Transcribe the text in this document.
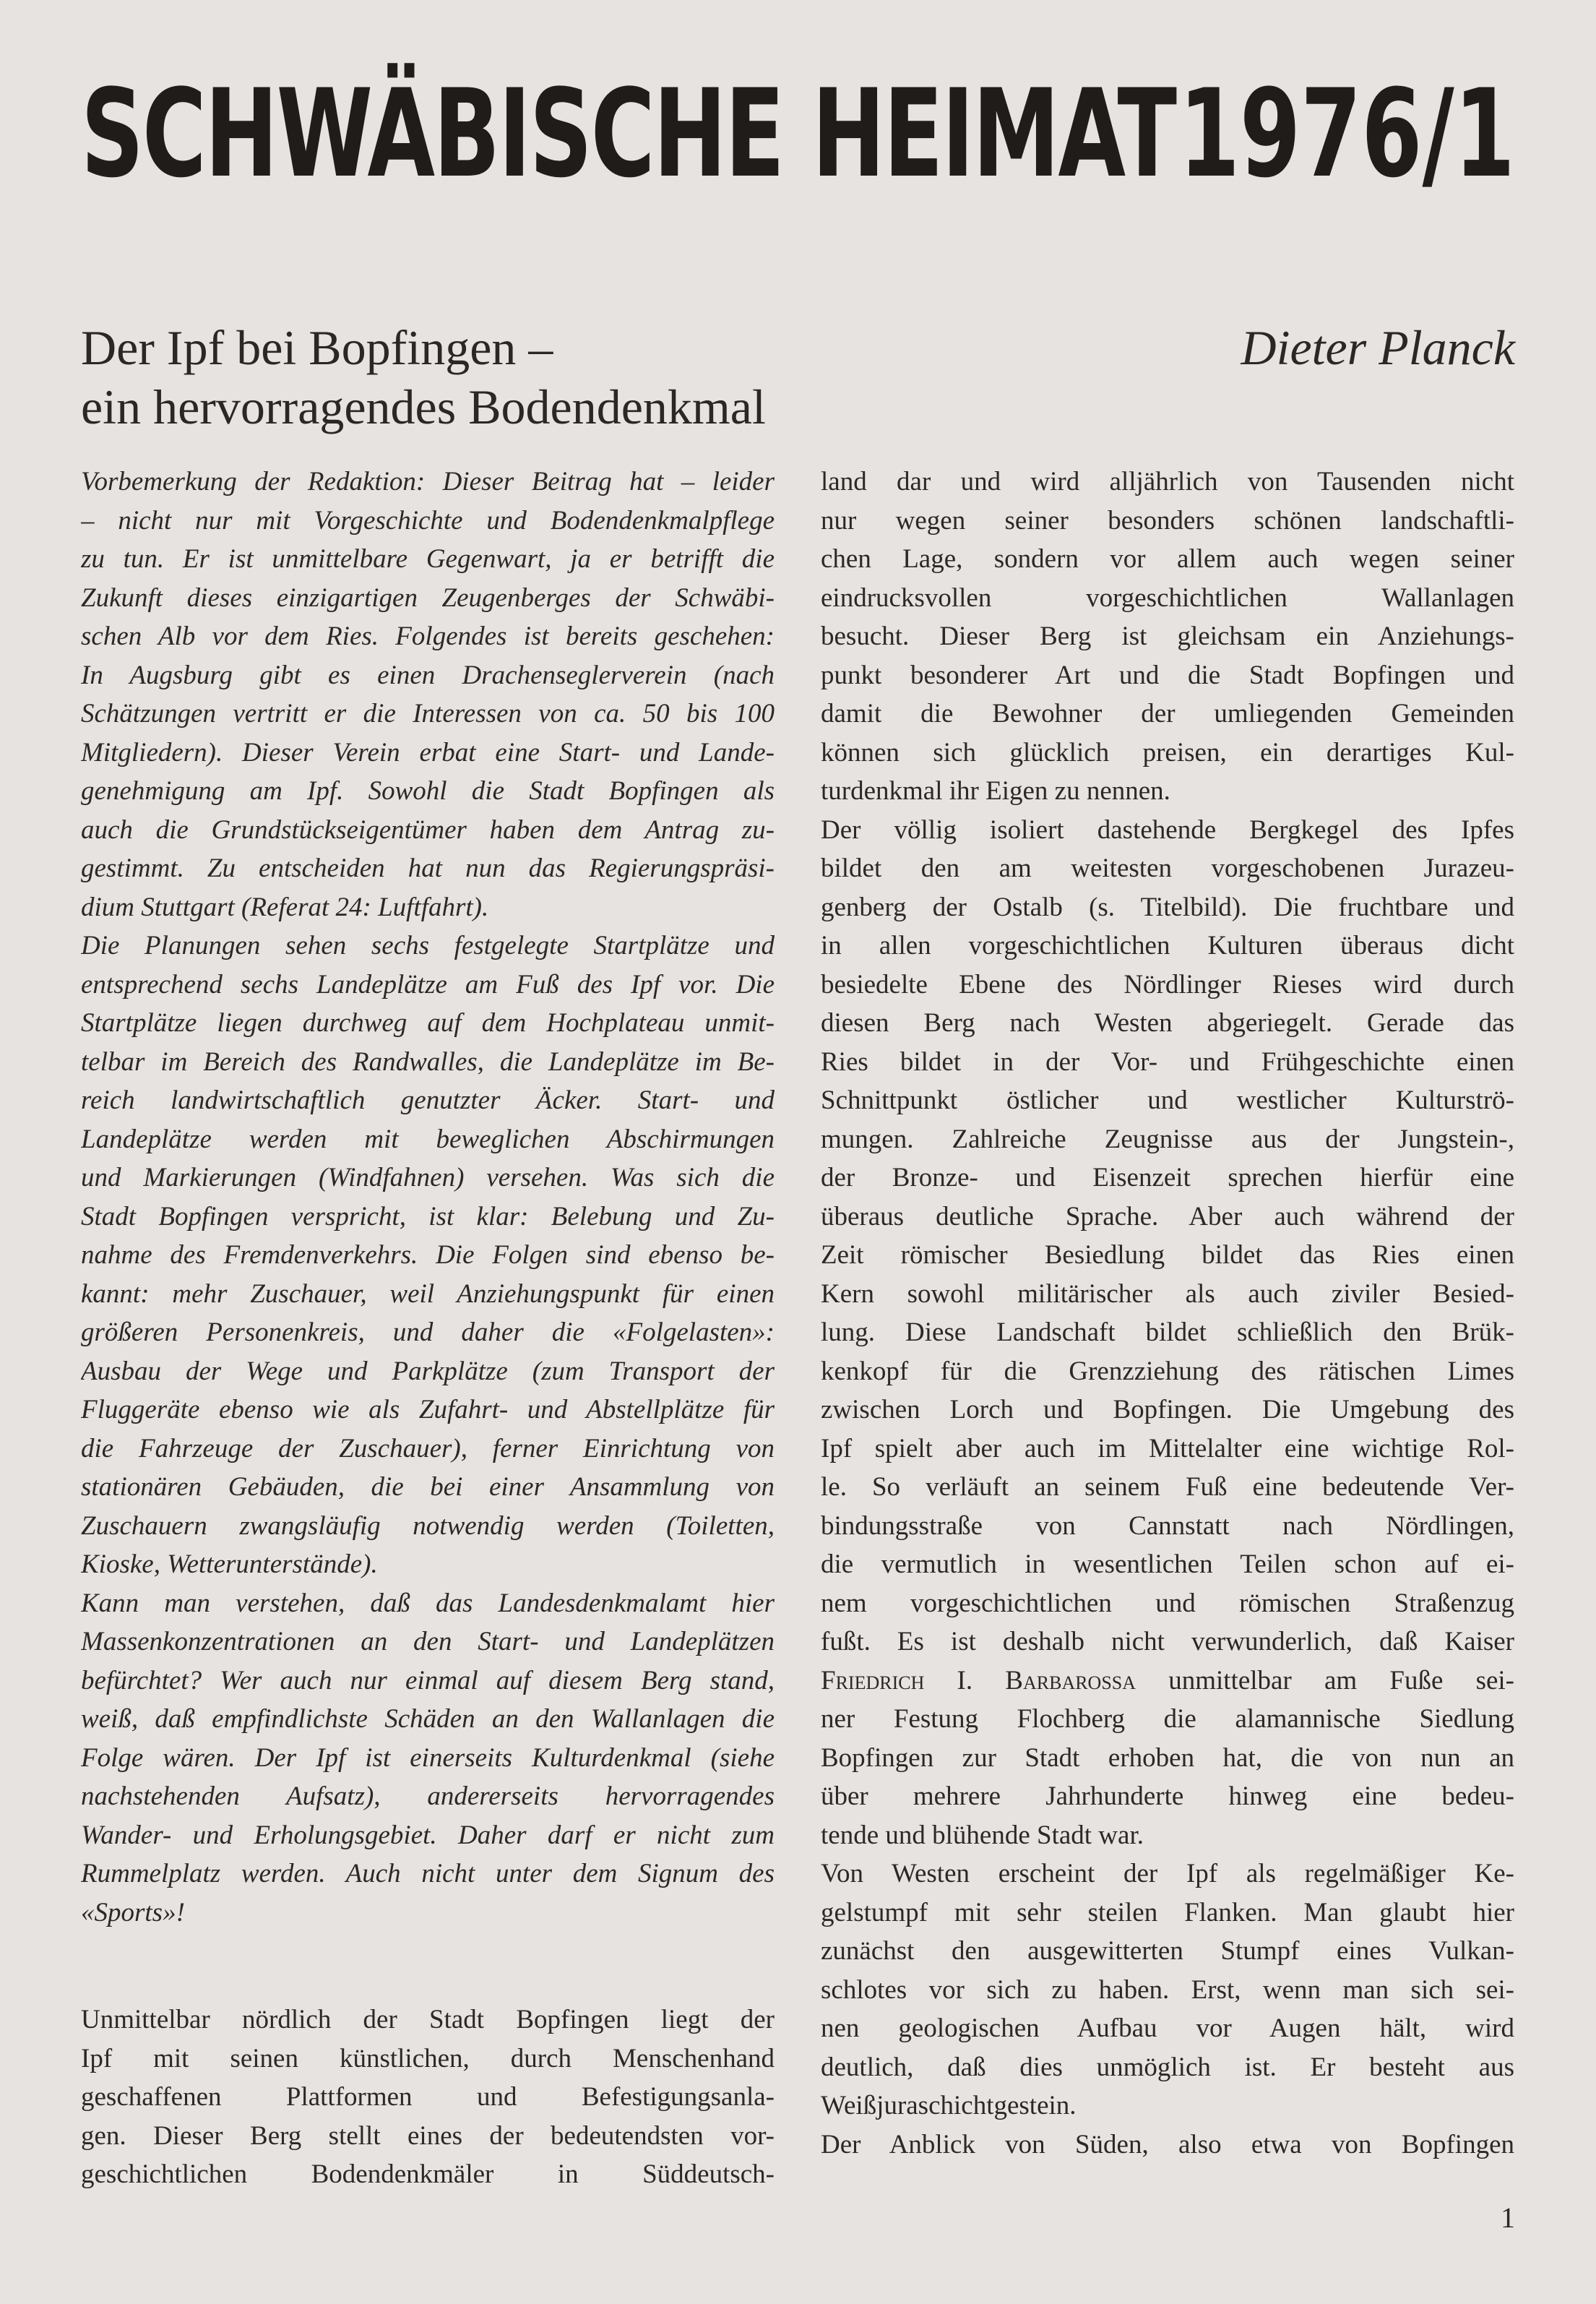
SCHWÄBISCHE HEIMAT 1976/1
Der Ipf bei Bopfingen –
ein hervorragendes Bodendenkmal
Dieter Planck
Vorbemerkung der Redaktion: Dieser Beitrag hat – leider
– nicht nur mit Vorgeschichte und Bodendenkmalpflege
zu tun. Er ist unmittelbare Gegenwart, ja er betrifft die
Zukunft dieses einzigartigen Zeugenberges der Schwäbi-
schen Alb vor dem Ries. Folgendes ist bereits geschehen:
In Augsburg gibt es einen Drachenseglerverein (nach
Schätzungen vertritt er die Interessen von ca. 50 bis 100
Mitgliedern). Dieser Verein erbat eine Start- und Lande-
genehmigung am Ipf. Sowohl die Stadt Bopfingen als
auch die Grundstückseigentümer haben dem Antrag zu-
gestimmt. Zu entscheiden hat nun das Regierungspräsi-
dium Stuttgart (Referat 24: Luftfahrt).
Die Planungen sehen sechs festgelegte Startplätze und
entsprechend sechs Landeplätze am Fuß des Ipf vor. Die
Startplätze liegen durchweg auf dem Hochplateau unmit-
telbar im Bereich des Randwalles, die Landeplätze im Be-
reich landwirtschaftlich genutzter Äcker. Start- und
Landeplätze werden mit beweglichen Abschirmungen
und Markierungen (Windfahnen) versehen. Was sich die
Stadt Bopfingen verspricht, ist klar: Belebung und Zu-
nahme des Fremdenverkehrs. Die Folgen sind ebenso be-
kannt: mehr Zuschauer, weil Anziehungspunkt für einen
größeren Personenkreis, und daher die «Folgelasten»:
Ausbau der Wege und Parkplätze (zum Transport der
Fluggeräte ebenso wie als Zufahrt- und Abstellplätze für
die Fahrzeuge der Zuschauer), ferner Einrichtung von
stationären Gebäuden, die bei einer Ansammlung von
Zuschauern zwangsläufig notwendig werden (Toiletten,
Kioske, Wetterunterstände).
Kann man verstehen, daß das Landesdenkmalamt hier
Massenkonzentrationen an den Start- und Landeplätzen
befürchtet? Wer auch nur einmal auf diesem Berg stand,
weiß, daß empfindlichste Schäden an den Wallanlagen die
Folge wären. Der Ipf ist einerseits Kulturdenkmal (siehe
nachstehenden Aufsatz), andererseits hervorragendes
Wander- und Erholungsgebiet. Daher darf er nicht zum
Rummelplatz werden. Auch nicht unter dem Signum des
«Sports»!
Unmittelbar nördlich der Stadt Bopfingen liegt der
Ipf mit seinen künstlichen, durch Menschenhand
geschaffenen Plattformen und Befestigungsanla-
gen. Dieser Berg stellt eines der bedeutendsten vor-
geschichtlichen Bodendenkmäler in Süddeutsch-
land dar und wird alljährlich von Tausenden nicht
nur wegen seiner besonders schönen landschaftli-
chen Lage, sondern vor allem auch wegen seiner
eindrucksvollen vorgeschichtlichen Wallanlagen
besucht. Dieser Berg ist gleichsam ein Anziehungs-
punkt besonderer Art und die Stadt Bopfingen und
damit die Bewohner der umliegenden Gemeinden
können sich glücklich preisen, ein derartiges Kul-
turdenkmal ihr Eigen zu nennen.
Der völlig isoliert dastehende Bergkegel des Ipfes
bildet den am weitesten vorgeschobenen Jurazeu-
genberg der Ostalb (s. Titelbild). Die fruchtbare und
in allen vorgeschichtlichen Kulturen überaus dicht
besiedelte Ebene des Nördlinger Rieses wird durch
diesen Berg nach Westen abgeriegelt. Gerade das
Ries bildet in der Vor- und Frühgeschichte einen
Schnittpunkt östlicher und westlicher Kulturströ-
mungen. Zahlreiche Zeugnisse aus der Jungstein-,
der Bronze- und Eisenzeit sprechen hierfür eine
überaus deutliche Sprache. Aber auch während der
Zeit römischer Besiedlung bildet das Ries einen
Kern sowohl militärischer als auch ziviler Besied-
lung. Diese Landschaft bildet schließlich den Brük-
kenkopf für die Grenzziehung des rätischen Limes
zwischen Lorch und Bopfingen. Die Umgebung des
Ipf spielt aber auch im Mittelalter eine wichtige Rol-
le. So verläuft an seinem Fuß eine bedeutende Ver-
bindungsstraße von Cannstatt nach Nördlingen,
die vermutlich in wesentlichen Teilen schon auf ei-
nem vorgeschichtlichen und römischen Straßenzug
fußt. Es ist deshalb nicht verwunderlich, daß Kaiser
Friedrich I. Barbarossa unmittelbar am Fuße sei-
ner Festung Flochberg die alamannische Siedlung
Bopfingen zur Stadt erhoben hat, die von nun an
über mehrere Jahrhunderte hinweg eine bedeu-
tende und blühende Stadt war.
Von Westen erscheint der Ipf als regelmäßiger Ke-
gelstumpf mit sehr steilen Flanken. Man glaubt hier
zunächst den ausgewitterten Stumpf eines Vulkan-
schlotes vor sich zu haben. Erst, wenn man sich sei-
nen geologischen Aufbau vor Augen hält, wird
deutlich, daß dies unmöglich ist. Er besteht aus
Weißjuraschichtgestein.
Der Anblick von Süden, also etwa von Bopfingen
1
